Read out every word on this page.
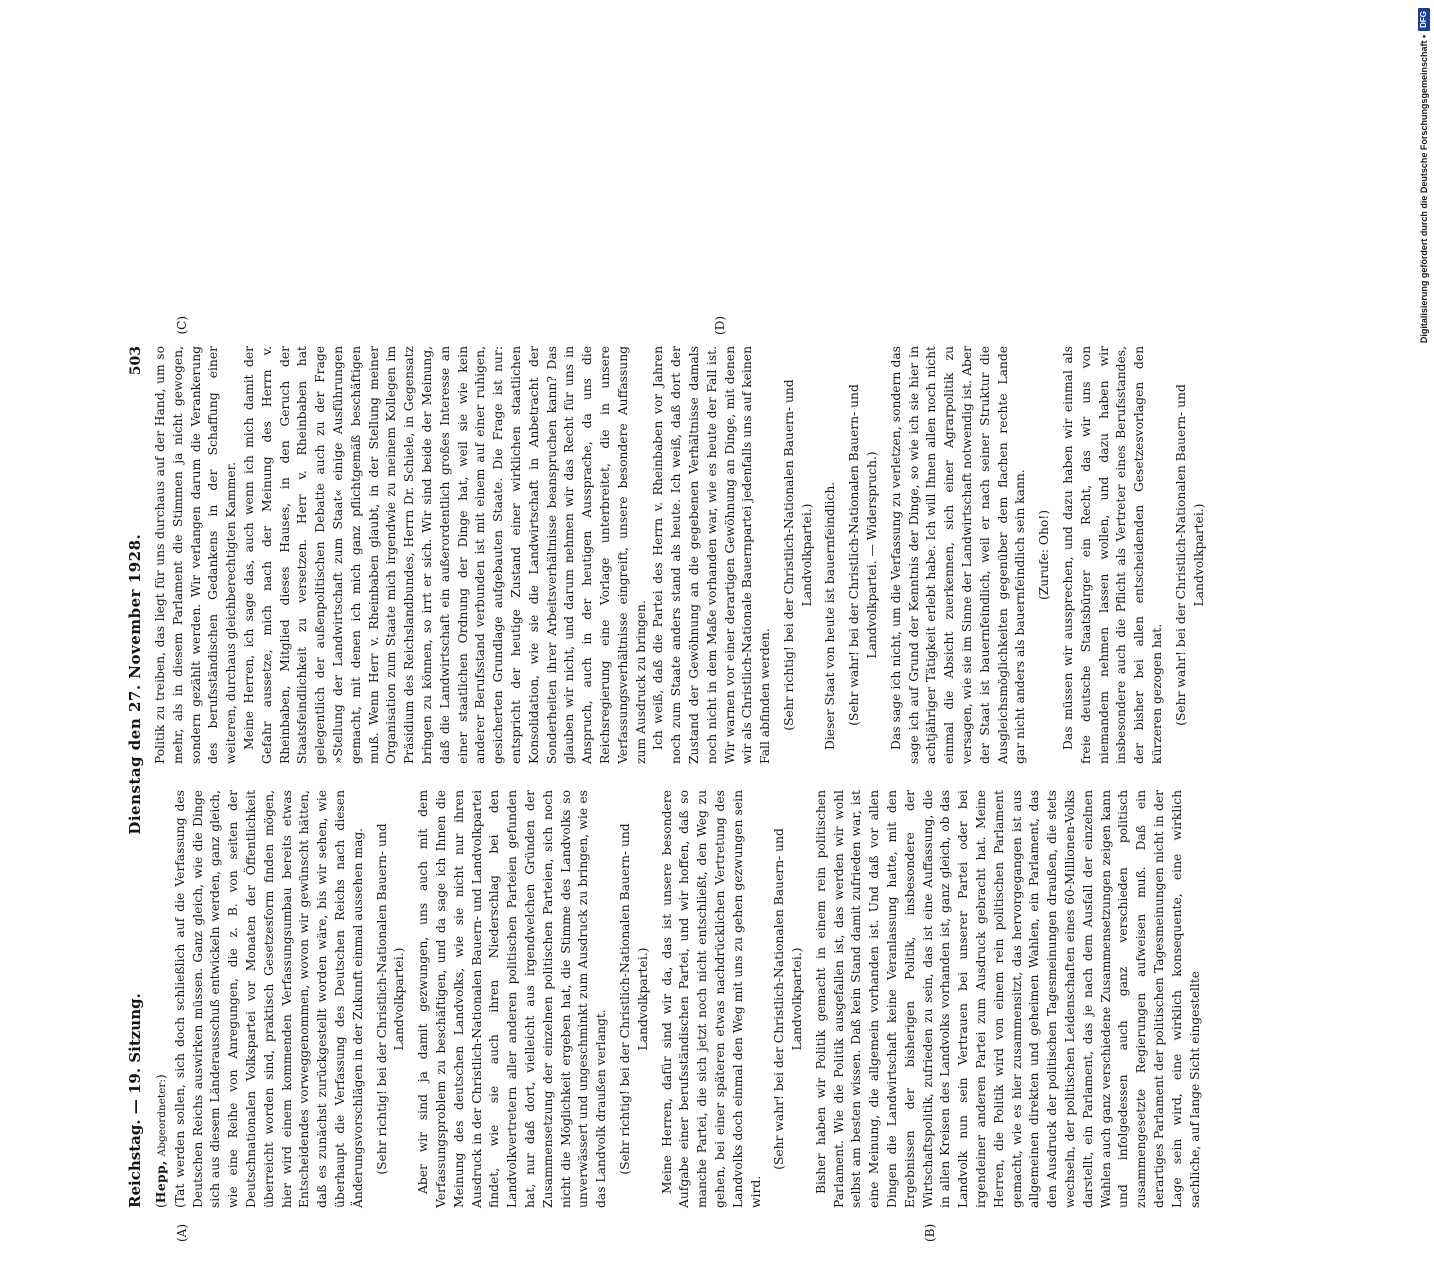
Reichstag. — 19. Sitzung.
Dienstag den 27. November 1928.
503
(A)	(B)

(Hepp, Abgeordneter:) (Tat werden sollen, sich doch schließlich auf die Verfassung des Deutschen Reichs auswirken müssen. Ganz gleich, wie die Dinge sich aus diesem Länderausschuß entwickeln werden, ganz gleich, wie eine Reihe von Anregungen, die z. B. von seiten der Deutschnationalen Volkspartei vor Monaten der Öffentlichkeit überreicht worden sind, praktisch Gesetzesform finden mögen, hier wird einem kommenden Verfassungsumbau bereits etwas Entscheidendes vorweggenommen, wovon wir gewünscht hätten, daß es zunächst zurückgestellt worden wäre, bis wir sehen, wie überhaupt die Verfassung des Deutschen Reichs nach diesen Änderungsvorschlägen in der Zukunft einmal aussehen mag. (Sehr richtig! bei der Christlich-Nationalen Bauern- und Landvolkpartei.) Aber wir sind ja damit gezwungen, uns auch mit dem Verfassungsproblem zu beschäftigen, und da sage ich Ihnen die Meinung des deutschen Landvolks, wie sie nicht nur ihren Ausdruck in der Christlich-Nationalen Bauern- und Landvolkpartei findet, wie sie auch ihren Niederschlag bei den Landvolkvertretern aller anderen politischen Parteien gefunden hat, nur daß dort, vielleicht aus irgendwelchen Gründen der Zusammensetzung der einzelnen politischen Parteien, sich noch nicht die Möglichkeit ergeben hat, die Stimme des Landvolks so unverwässert und ungeschminkt zum Ausdruck zu bringen, wie es das Landvolk draußen verlangt. (Sehr richtig! bei der Christlich-Nationalen Bauern- und Landvolkpartei.) Meine Herren, dafür sind wir da, das ist unsere besondere Aufgabe einer berufsständischen Partei, und wir hoffen, daß so manche Partei, die sich jetzt noch nicht entschließt, den Weg zu gehen, bei einer späteren etwas nachdrücklichen Vertretung des Landvolks doch einmal den Weg mit uns zu gehen gezwungen sein wird.

(Sehr wahr! bei der Christlich-Nationalen Bauern- und Landvolkpartei.) Bisher haben wir Politik gemacht in einem rein politischen Parlament. Wie die Politik ausgefallen ist, das werden wir wohl selbst am besten wissen. Daß kein Stand damit zufrieden war, ist eine Meinung, die allgemein vorhanden ist. Und daß vor allen Dingen die Landwirtschaft keine Veranlassung hatte, mit den Ergebnissen der bisherigen Politik, insbesondere der Wirtschaftspolitik, zufrieden zu sein, das ist eine Auffassung, die in allen Kreisen des Landvolks vorhanden ist, ganz gleich, ob das Landvolk nun sein Vertrauen bei unserer Partei oder bei irgendeiner anderen Partei zum Ausdruck gebracht hat. Meine Herren, die Politik wird von einem rein politischen Parlament gemacht, wie es hier zusammensitzt, das hervorgegangen ist aus allgemeinen direkten und geheimen Wahlen, ein Parlament, das den Ausdruck der politischen Tagesmeinungen draußen, die stets wechseln, der politischen Leidenschaften eines 60-Millionen-Volks darstellt, ein Parlament, das je nach dem Ausfall der einzelnen Wahlen auch ganz verschiedene Zusammensetzungen zeigen kann und infolgedessen auch ganz verschieden politisch zusammengesetzte Regierungen aufweisen muß. Daß ein derartiges Parlament der politischen Tagesmeinungen nicht in der Lage sein wird, eine wirklich konsequente, eine wirklich sachliche, auf lange Sicht eingestellte

(C)	(D)

Politik zu treiben, das liegt für uns durchaus auf der Hand, um so mehr, als in diesem Parlament die Stimmen ja nicht gewogen, sondern gezählt werden. Wir verlangen darum die Verankerung des berufsständischen Gedankens in der Schaffung einer weiteren, durchaus gleichberechtigten Kammer. Meine Herren, ich sage das, auch wenn ich mich damit der Gefahr aussetze, mich nach der Meinung des Herrn v. Rheinbaben, Mitglied dieses Hauses, in den Geruch der Staatsfeindlichkeit zu versetzen. Herr v. Rheinbaben hat gelegentlich der außenpolitischen Debatte auch zu der Frage »Stellung der Landwirtschaft zum Staat« einige Ausführungen gemacht, mit denen ich mich ganz pflichtgemäß beschäftigen muß. Wenn Herr v. Rheinbaben glaubt, in der Stellung meiner Organisation zum Staate mich irgendwie zu meinem Kollegen im Präsidium des Reichslandbundes, Herrn Dr. Schiele, in Gegensatz bringen zu können, so irrt er sich. Wir sind beide der Meinung, daß die Landwirtschaft ein außerordentlich großes Interesse an einer staatlichen Ordnung der Dinge hat, weil sie wie kein anderer Berufsstand verbunden ist mit einem auf einer ruhigen, gesicherten Grundlage aufgebauten Staate. Die Frage ist nur: entspricht der heutige Zustand einer wirklichen staatlichen Konsolidation, wie sie die Landwirtschaft in Anbetracht der Sonderheiten ihrer Arbeitsverhältnisse beanspruchen kann? Das glauben wir nicht, und darum nehmen wir das Recht für uns in Anspruch, auch in der heutigen Aussprache, da uns die Reichsregierung eine Vorlage unterbreitet, die in unsere Verfassungsverhältnisse eingreift, unsere besondere Auffassung zum Ausdruck zu bringen. Ich weiß, daß die Partei des Herrn v. Rheinbaben vor Jahren noch zum Staate anders stand als heute. Ich weiß, daß dort der Zustand der Gewöhnung an die gegebenen Verhältnisse damals noch nicht in dem Maße vorhanden war, wie es heute der Fall ist. Wir warnen vor einer derartigen Gewöhnung an Dinge, mit denen wir als Christlich-Nationale Bauernpartei jedenfalls uns auf keinen Fall abfinden werden. (Sehr richtig! bei der Christlich-Nationalen Bauern- und Landvolkpartei.) Dieser Staat von heute ist bauernfeindlich. (Sehr wahr! bei der Christlich-Nationalen Bauern- und Landvolkpartei. — Widerspruch.) Das sage ich nicht, um die Verfassung zu verletzen, sondern das sage ich auf Grund der Kenntnis der Dinge, so wie ich sie hier in achtjähriger Tätigkeit erlebt habe. Ich will Ihnen allen noch nicht einmal die Absicht zuerkennen, sich einer Agrarpolitik zu versagen, wie sie im Sinne der Landwirtschaft notwendig ist. Aber der Staat ist bauernfeindlich, weil er nach seiner Struktur die Ausgleichsmöglichkeiten gegenüber dem flachen rechte Lande gar nicht anders als bauernfeindlich sein kann. (Zurufe: Oho!) Das müssen wir aussprechen, und dazu haben wir einmal als freie deutsche Staatsbürger ein Recht, das wir uns von niemandem nehmen lassen wollen, und dazu haben wir insbesondere auch die Pflicht als Vertreter eines Berufsstandes, der bisher bei allen entscheidenden Gesetzesvorlagen den kürzeren gezogen hat. (Sehr wahr! bei der Christlich-Nationalen Bauern- und Landvolkpartei.)

Digitalisierung gefördert durch die Deutsche Forschungsgemeinschaft •
DFG
